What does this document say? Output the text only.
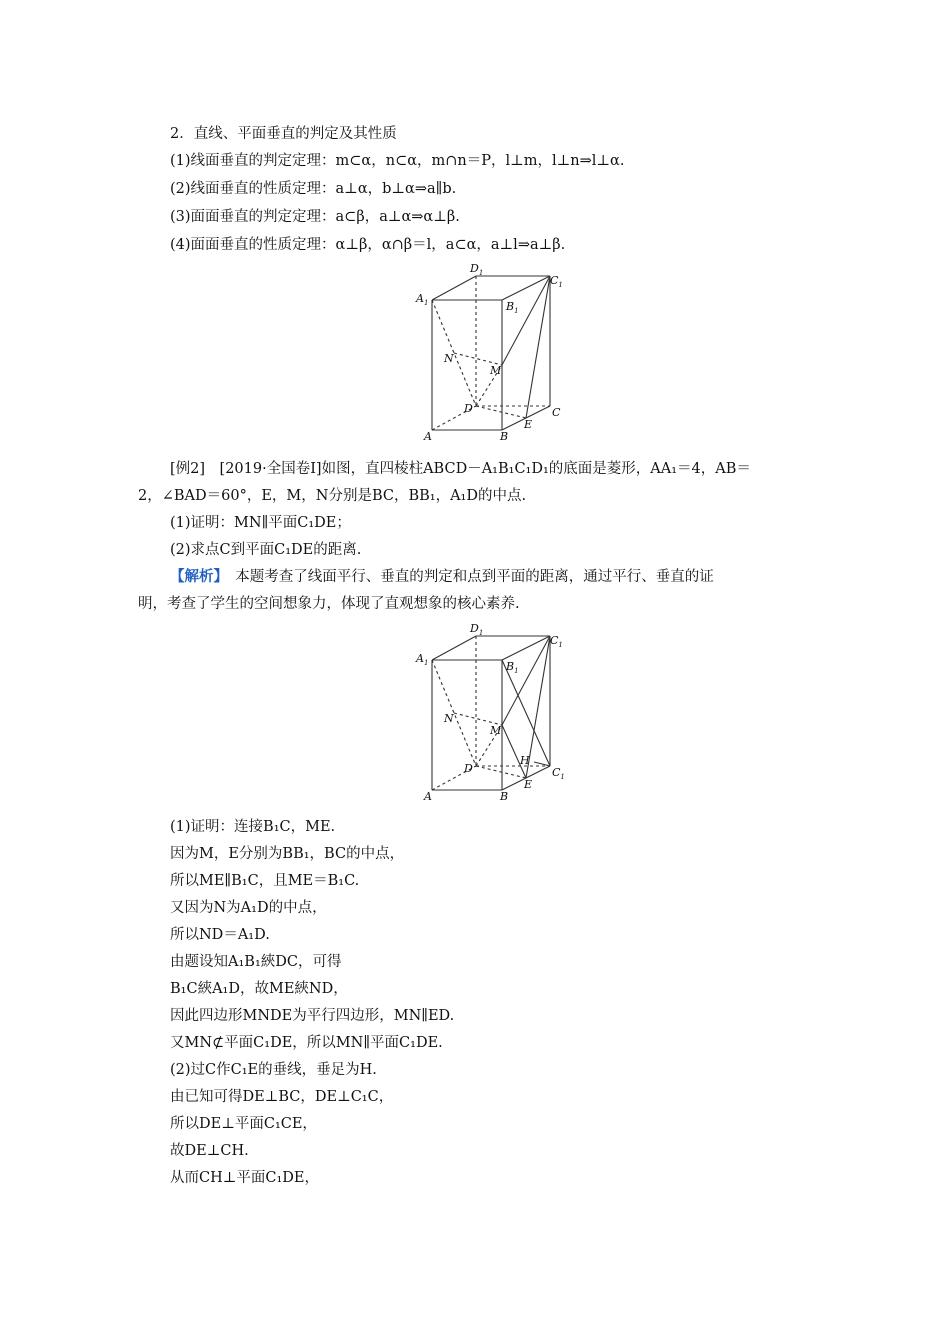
2．直线、平面垂直的判定及其性质
(1)线面垂直的判定定理：m⊂α，n⊂α，m∩n＝P，l⊥m，l⊥n⇒l⊥α.
(2)线面垂直的性质定理：a⊥α，b⊥α⇒a∥b.
(3)面面垂直的判定定理：a⊂β，a⊥α⇒α⊥β.
(4)面面垂直的性质定理：α⊥β，α∩β＝l，a⊂α，a⊥l⇒a⊥β.
$A_1$
$D_1$
$C_1$
$B_1$
N
M
D	C
E
A	B
[例2]　[2019·全国卷Ⅰ]如图，直四棱柱ABCD－A₁B₁C₁D₁的底面是菱形，AA₁＝4，AB＝
2，∠BAD＝60°，E，M，N分别是BC，BB₁，A₁D的中点.
(1)证明：MN∥平面C₁DE；
(2)求点C到平面C₁DE的距离.
【解析】　本题考查了线面平行、垂直的判定和点到平面的距离，通过平行、垂直的证
明，考查了学生的空间想象力，体现了直观想象的核心素养.
$A_1$
$D_1$
$C_1$
$B_1$
N
M
D
H
$C_1$
E
A	B
(1)证明：连接B₁C，ME.
因为M，E分别为BB₁，BC的中点，
所以ME∥B₁C，且ME＝B₁C.
又因为N为A₁D的中点，
所以ND＝A₁D.
由题设知A₁B₁綊DC，可得
B₁C綊A₁D，故ME綊ND，
因此四边形MNDE为平行四边形，MN∥ED.
又MN⊄平面C₁DE，所以MN∥平面C₁DE.
(2)过C作C₁E的垂线，垂足为H.
由已知可得DE⊥BC，DE⊥C₁C，
所以DE⊥平面C₁CE，
故DE⊥CH.
从而CH⊥平面C₁DE，
